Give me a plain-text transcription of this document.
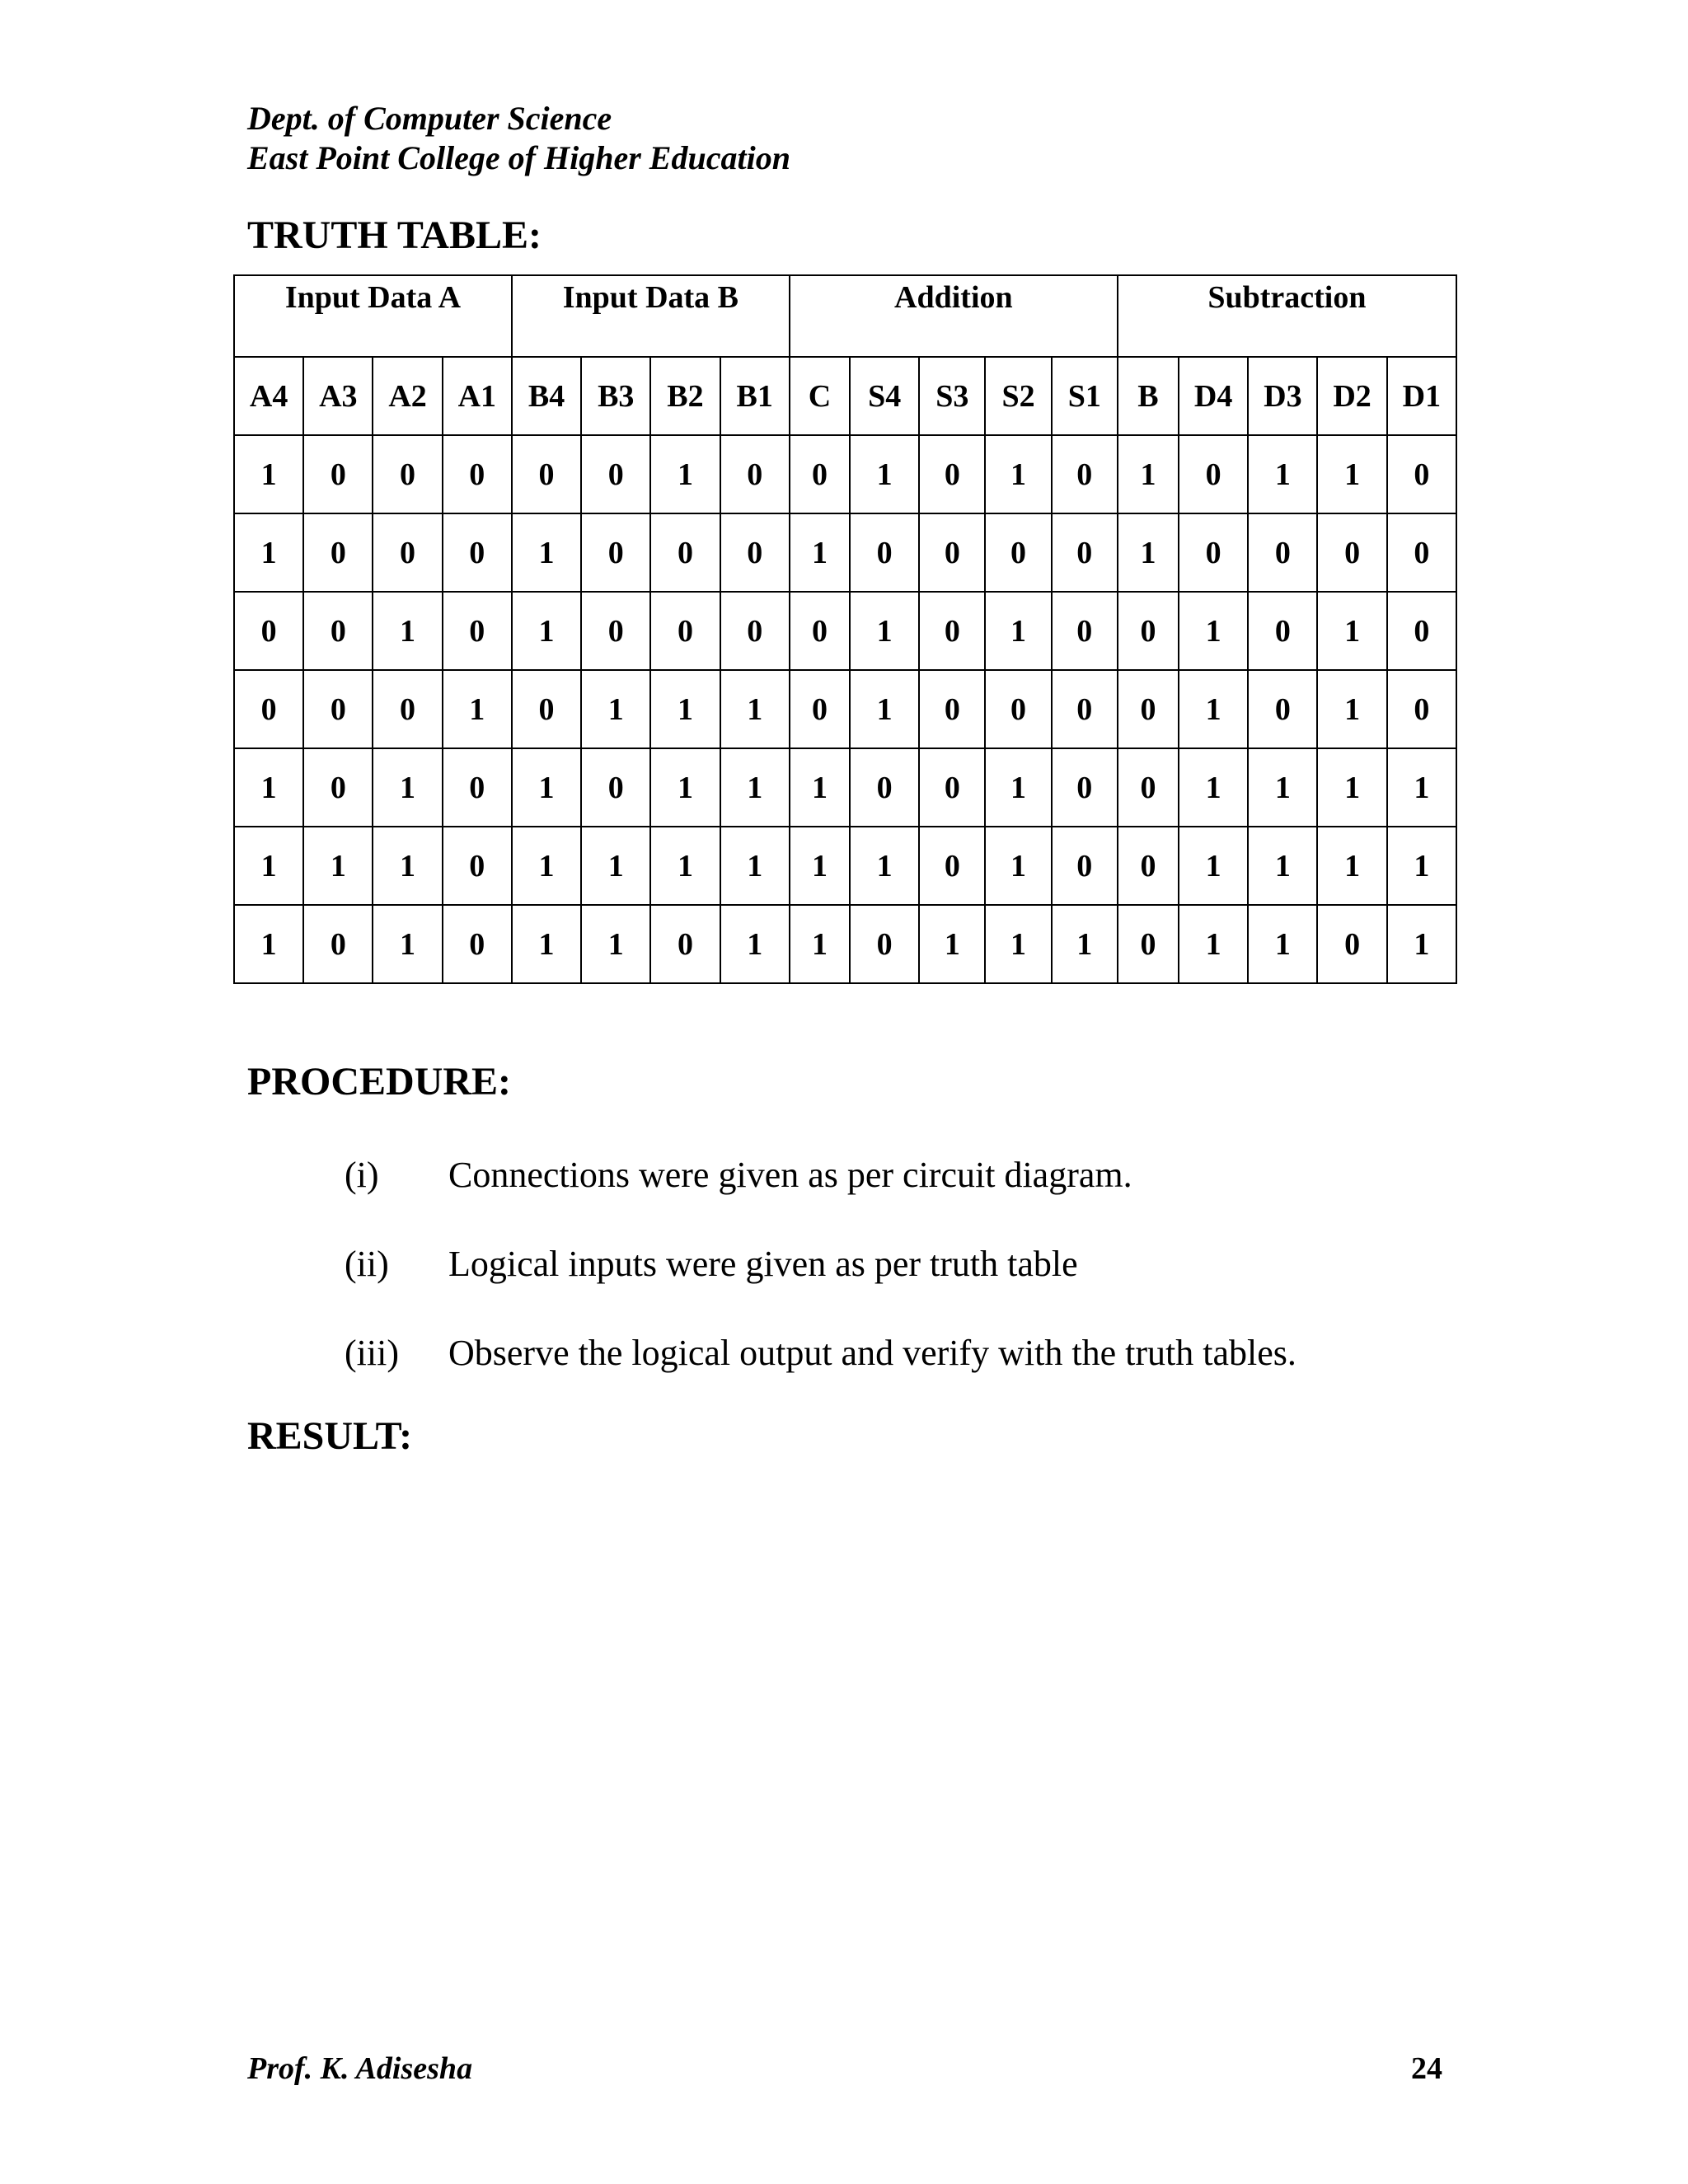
Dept. of Computer Science
East Point College of Higher Education
TRUTH TABLE:
Input Data A				Input Data B				Addition					Subtraction				
A4	A3	A2	A1	B4	B3	B2	B1	C	S4	S3	S2	S1	B	D4	D3	D2	D1
1	0	0	0	0	0	1	0	0	1	0	1	0	1	0	1	1	0
1	0	0	0	1	0	0	0	1	0	0	0	0	1	0	0	0	0
0	0	1	0	1	0	0	0	0	1	0	1	0	0	1	0	1	0
0	0	0	1	0	1	1	1	0	1	0	0	0	0	1	0	1	0
1	0	1	0	1	0	1	1	1	0	0	1	0	0	1	1	1	1
1	1	1	0	1	1	1	1	1	1	0	1	0	0	1	1	1	1
1	0	1	0	1	1	0	1	1	0	1	1	1	0	1	1	0	1
PROCEDURE:
(i)	Connections were given as per circuit diagram.
(ii)	Logical inputs were given as per truth table
(iii)	Observe the logical output and verify with the truth tables.
RESULT:
Prof. K. Adisesha	24
